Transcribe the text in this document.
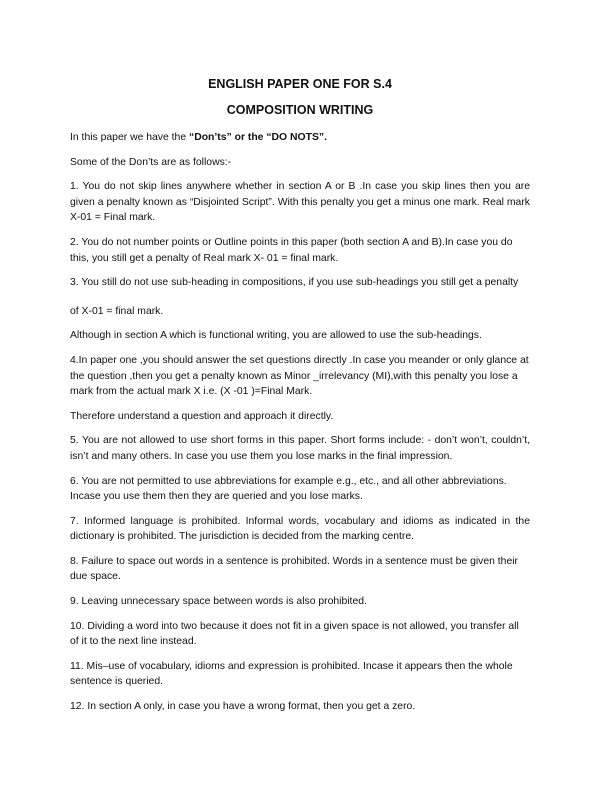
ENGLISH PAPER ONE FOR S.4

COMPOSITION WRITING

In this paper we have the “Don’ts” or the “DO NOTS”.

Some of the Don’ts are as follows:-

1. You do not skip lines anywhere whether in section A or B .In case you skip lines then you are given a penalty known as “Disjointed Script”. With this penalty you get a minus one mark. Real mark X-01 = Final mark.

2. You do not number points or Outline points in this paper (both section A and B).In case you do this, you still get a penalty of Real mark X- 01 = final mark.

3. You still do not use sub-heading in compositions, if you use sub-headings you still get a penalty

of X-01 = final mark.

Although in section A which is functional writing, you are allowed to use the sub-headings.

4.In paper one ,you should answer the set questions directly .In case you meander or only glance at the question ,then you get a penalty known as Minor _irrelevancy (MI),with this penalty you lose a mark from the actual mark X i.e. (X -01 )=Final Mark.

Therefore understand a question and approach it directly.

5. You are not allowed to use short forms in this paper. Short forms include: - don’t won’t, couldn’t, isn’t and many others. In case you use them you lose marks in the final impression.

6. You are not permitted to use abbreviations for example e.g., etc., and all other abbreviations. Incase you use them then they are queried and you lose marks.

7. Informed language is prohibited. Informal words, vocabulary and idioms as indicated in the dictionary is prohibited. The jurisdiction is decided from the marking centre.

8. Failure to space out words in a sentence is prohibited. Words in a sentence must be given their due space.

9. Leaving unnecessary space between words is also prohibited.

10. Dividing a word into two because it does not fit in a given space is not allowed, you transfer all of it to the next line instead.

11. Mis–use of vocabulary, idioms and expression is prohibited. Incase it appears then the whole sentence is queried.

12. In section A only, in case you have a wrong format, then you get a zero.
